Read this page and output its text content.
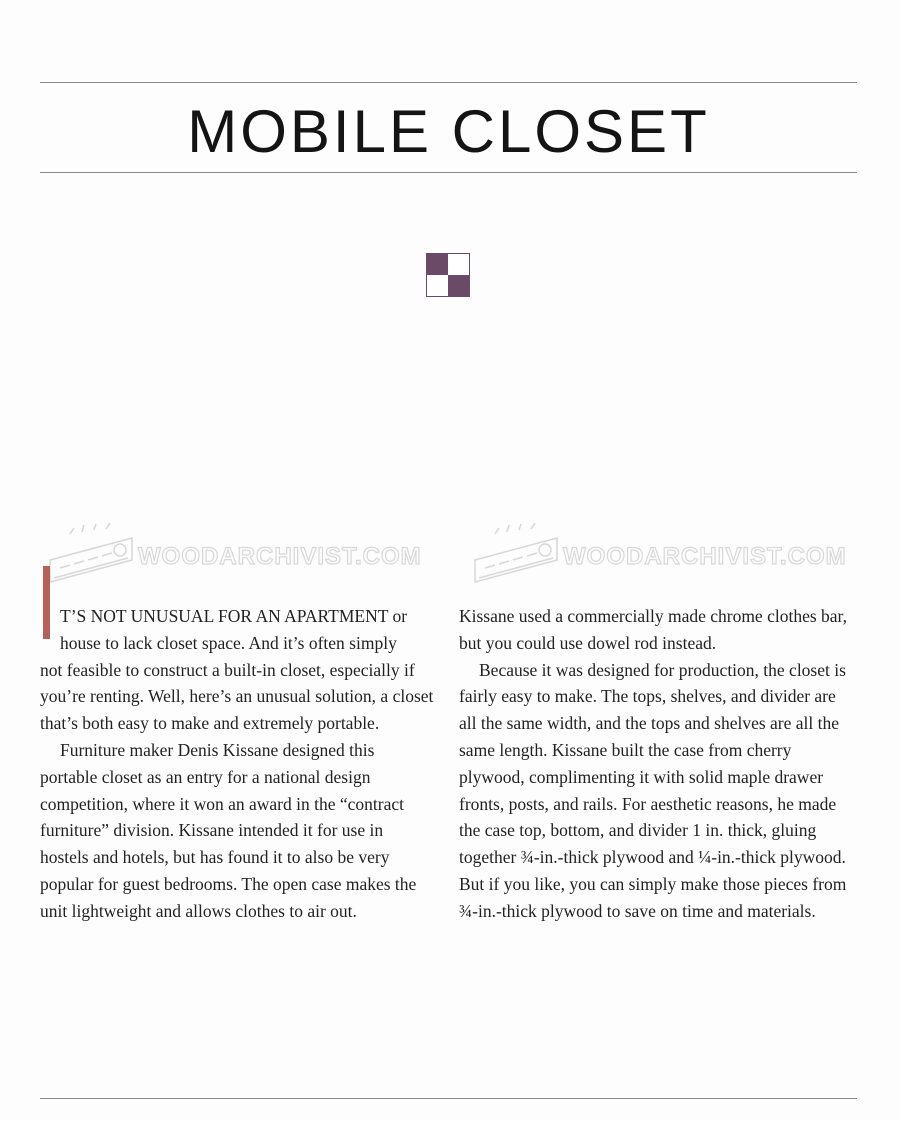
MOBILE CLOSET
WOODARCHIVIST.COM	WOODARCHIVIST.COM

T’S NOT UNUSUAL FOR AN APARTMENT or
house to lack closet space. And it’s often simply
not feasible to construct a built-in closet, especially if you’re renting. Well, here’s an unusual solution, a closet that’s both easy to make and extremely portable.

Furniture maker Denis Kissane designed this portable closet as an entry for a national design competition, where it won an award in the “contract furniture” division. Kissane intended it for use in hostels and hotels, but has found it to also be very popular for guest bedrooms. The open case makes the unit lightweight and allows clothes to air out.

Kissane used a commercially made chrome clothes bar, but you could use dowel rod instead.

Because it was designed for production, the closet is fairly easy to make. The tops, shelves, and divider are all the same width, and the tops and shelves are all the same length. Kissane built the case from cherry plywood, complimenting it with solid maple drawer fronts, posts, and rails. For aesthetic reasons, he made the case top, bottom, and divider 1 in. thick, gluing together ¾-in.-thick plywood and ¼-in.-thick plywood. But if you like, you can simply make those pieces from ¾-in.-thick plywood to save on time and materials.
